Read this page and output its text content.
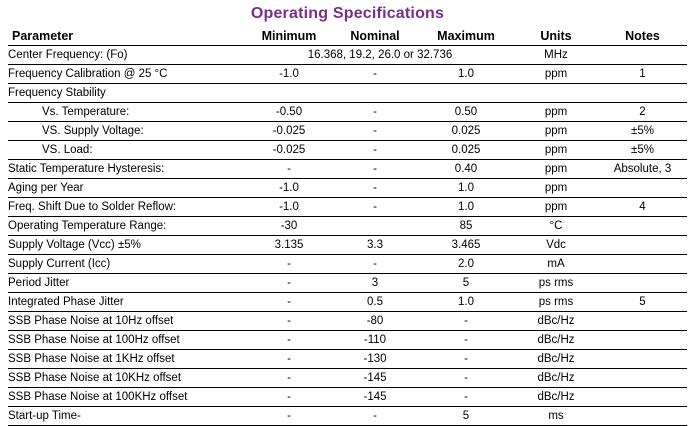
Operating Specifications
Parameter	Minimum	Nominal	Maximum	Units	Notes
Center Frequency: (Fo)	16.368, 19.2, 26.0 or 32.736			MHz	
Frequency Calibration @ 25 °C	-1.0	-	1.0	ppm	1
Frequency Stability					
Vs. Temperature:	-0.50	-	0.50	ppm	2
VS. Supply Voltage:	-0.025	-	0.025	ppm	±5%
VS. Load:	-0.025	-	0.025	ppm	±5%
Static Temperature Hysteresis:	-	-	0.40	ppm	Absolute, 3
Aging per Year	-1.0	-	1.0	ppm	
Freq. Shift Due to Solder Reflow:	-1.0	-	1.0	ppm	4
Operating Temperature Range:	-30		85	°C	
Supply Voltage (Vcc) ±5%	3.135	3.3	3.465	Vdc	
Supply Current (Icc)	-	-	2.0	mA	
Period Jitter	-	3	5	ps rms	
Integrated Phase Jitter	-	0.5	1.0	ps rms	5
SSB Phase Noise at 10Hz offset	-	-80	-	dBc/Hz	
SSB Phase Noise at 100Hz offset	-	-110	-	dBc/Hz	
SSB Phase Noise at 1KHz offset	-	-130	-	dBc/Hz	
SSB Phase Noise at 10KHz offset	-	-145	-	dBc/Hz	
SSB Phase Noise at 100KHz offset	-	-145	-	dBc/Hz	
Start-up Time-	-	-	5	ms	
